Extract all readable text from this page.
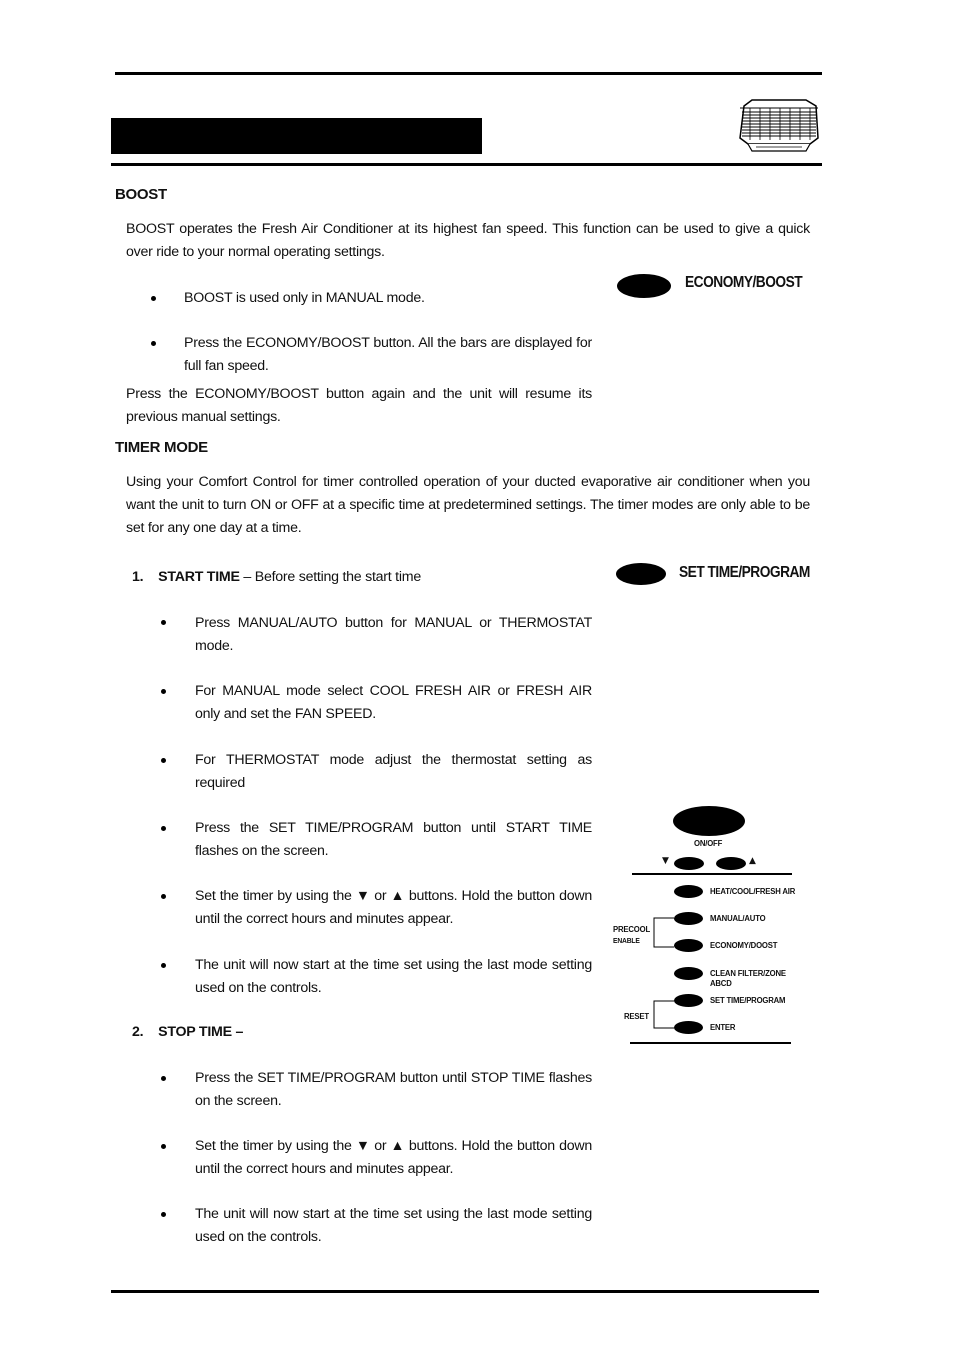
BOOST
BOOST operates the Fresh Air Conditioner at its highest fan speed. This function can be used to give a quick over ride to your normal operating settings.
BOOST is used only in MANUAL mode.
Press the ECONOMY/BOOST button. All the bars are displayed for full fan speed.
Press the ECONOMY/BOOST button again and the unit will resume its previous manual settings.
ECONOMY/BOOST
TIMER MODE
Using your Comfort Control for timer controlled operation of your ducted evaporative air conditioner when you want the unit to turn ON or OFF at a specific time at predetermined settings. The timer modes are only able to be set for any one day at a time.
SET TIME/PROGRAM
1. START TIME – Before setting the start time
Press MANUAL/AUTO button for MANUAL or THERMOSTAT mode.
For MANUAL mode select COOL FRESH AIR or FRESH AIR only and set the FAN SPEED.
For THERMOSTAT mode adjust the thermostat setting as required
Press the SET TIME/PROGRAM button until START TIME flashes on the screen.
Set the timer by using the ▼ or ▲ buttons. Hold the button down until the correct hours and minutes appear.
The unit will now start at the time set using the last mode setting used on the controls.
2. STOP TIME –
Press the SET TIME/PROGRAM button until STOP TIME flashes on the screen.
Set the timer by using the ▼ or ▲ buttons. Hold the button down until the correct hours and minutes appear.
The unit will now start at the time set using the last mode setting used on the controls.
ON/OFF
▼	▲
HEAT/COOL/FRESH AIR
MANUAL/AUTO
ECONOMY/DOOST
CLEAN FILTER/ZONE ABCD
SET TIME/PROGRAM
ENTER
PRECOOL
ENABLE
RESET
